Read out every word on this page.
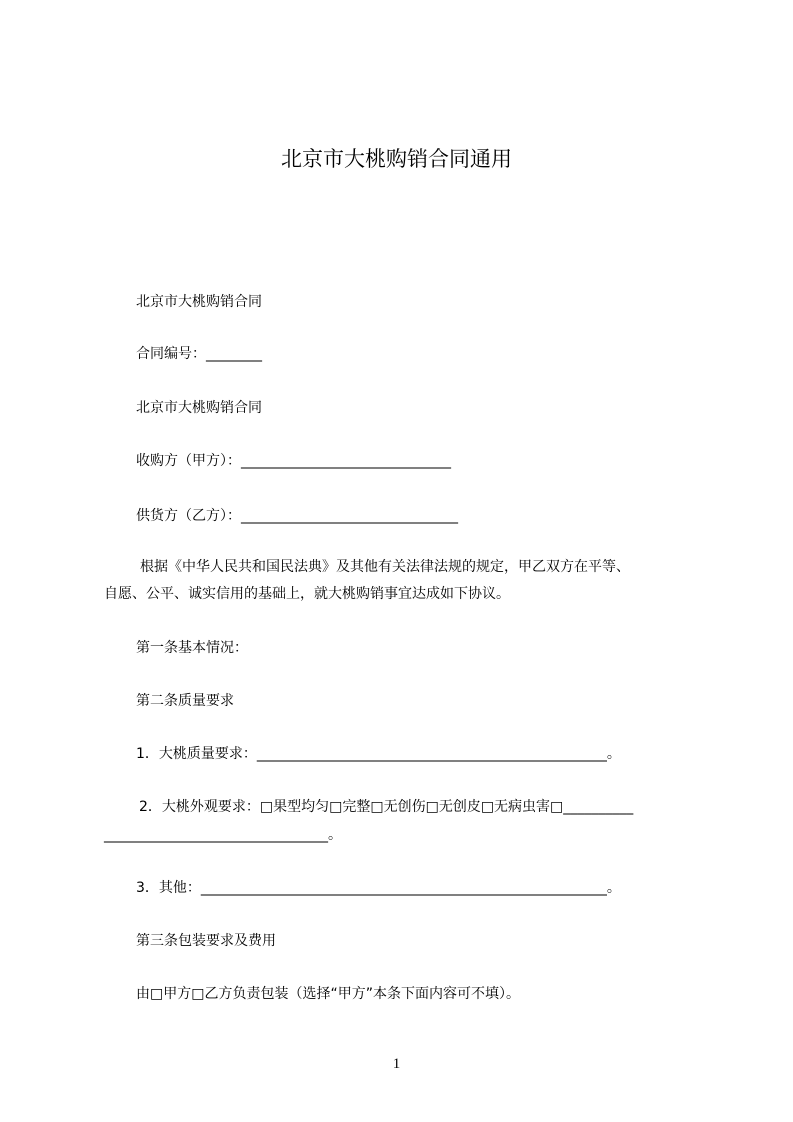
北京市大桃购销合同通用
北京市大桃购销合同
合同编号：________
北京市大桃购销合同
收购方（甲方）：______________________________
供货方（乙方）：_______________________________
根据《中华人民共和国民法典》及其他有关法律法规的规定，甲乙双方在平等、
自愿、公平、诚实信用的基础上，就大桃购销事宜达成如下协议。
第一条基本情况：
第二条质量要求
1．大桃质量要求：__________________________________________________。
2．大桃外观要求：□果型均匀□完整□无创伤□无创皮□无病虫害□__________
________________________________。
3．其他：__________________________________________________________。
第三条包装要求及费用
由□甲方□乙方负责包装（选择“甲方”本条下面内容可不填）。
1
